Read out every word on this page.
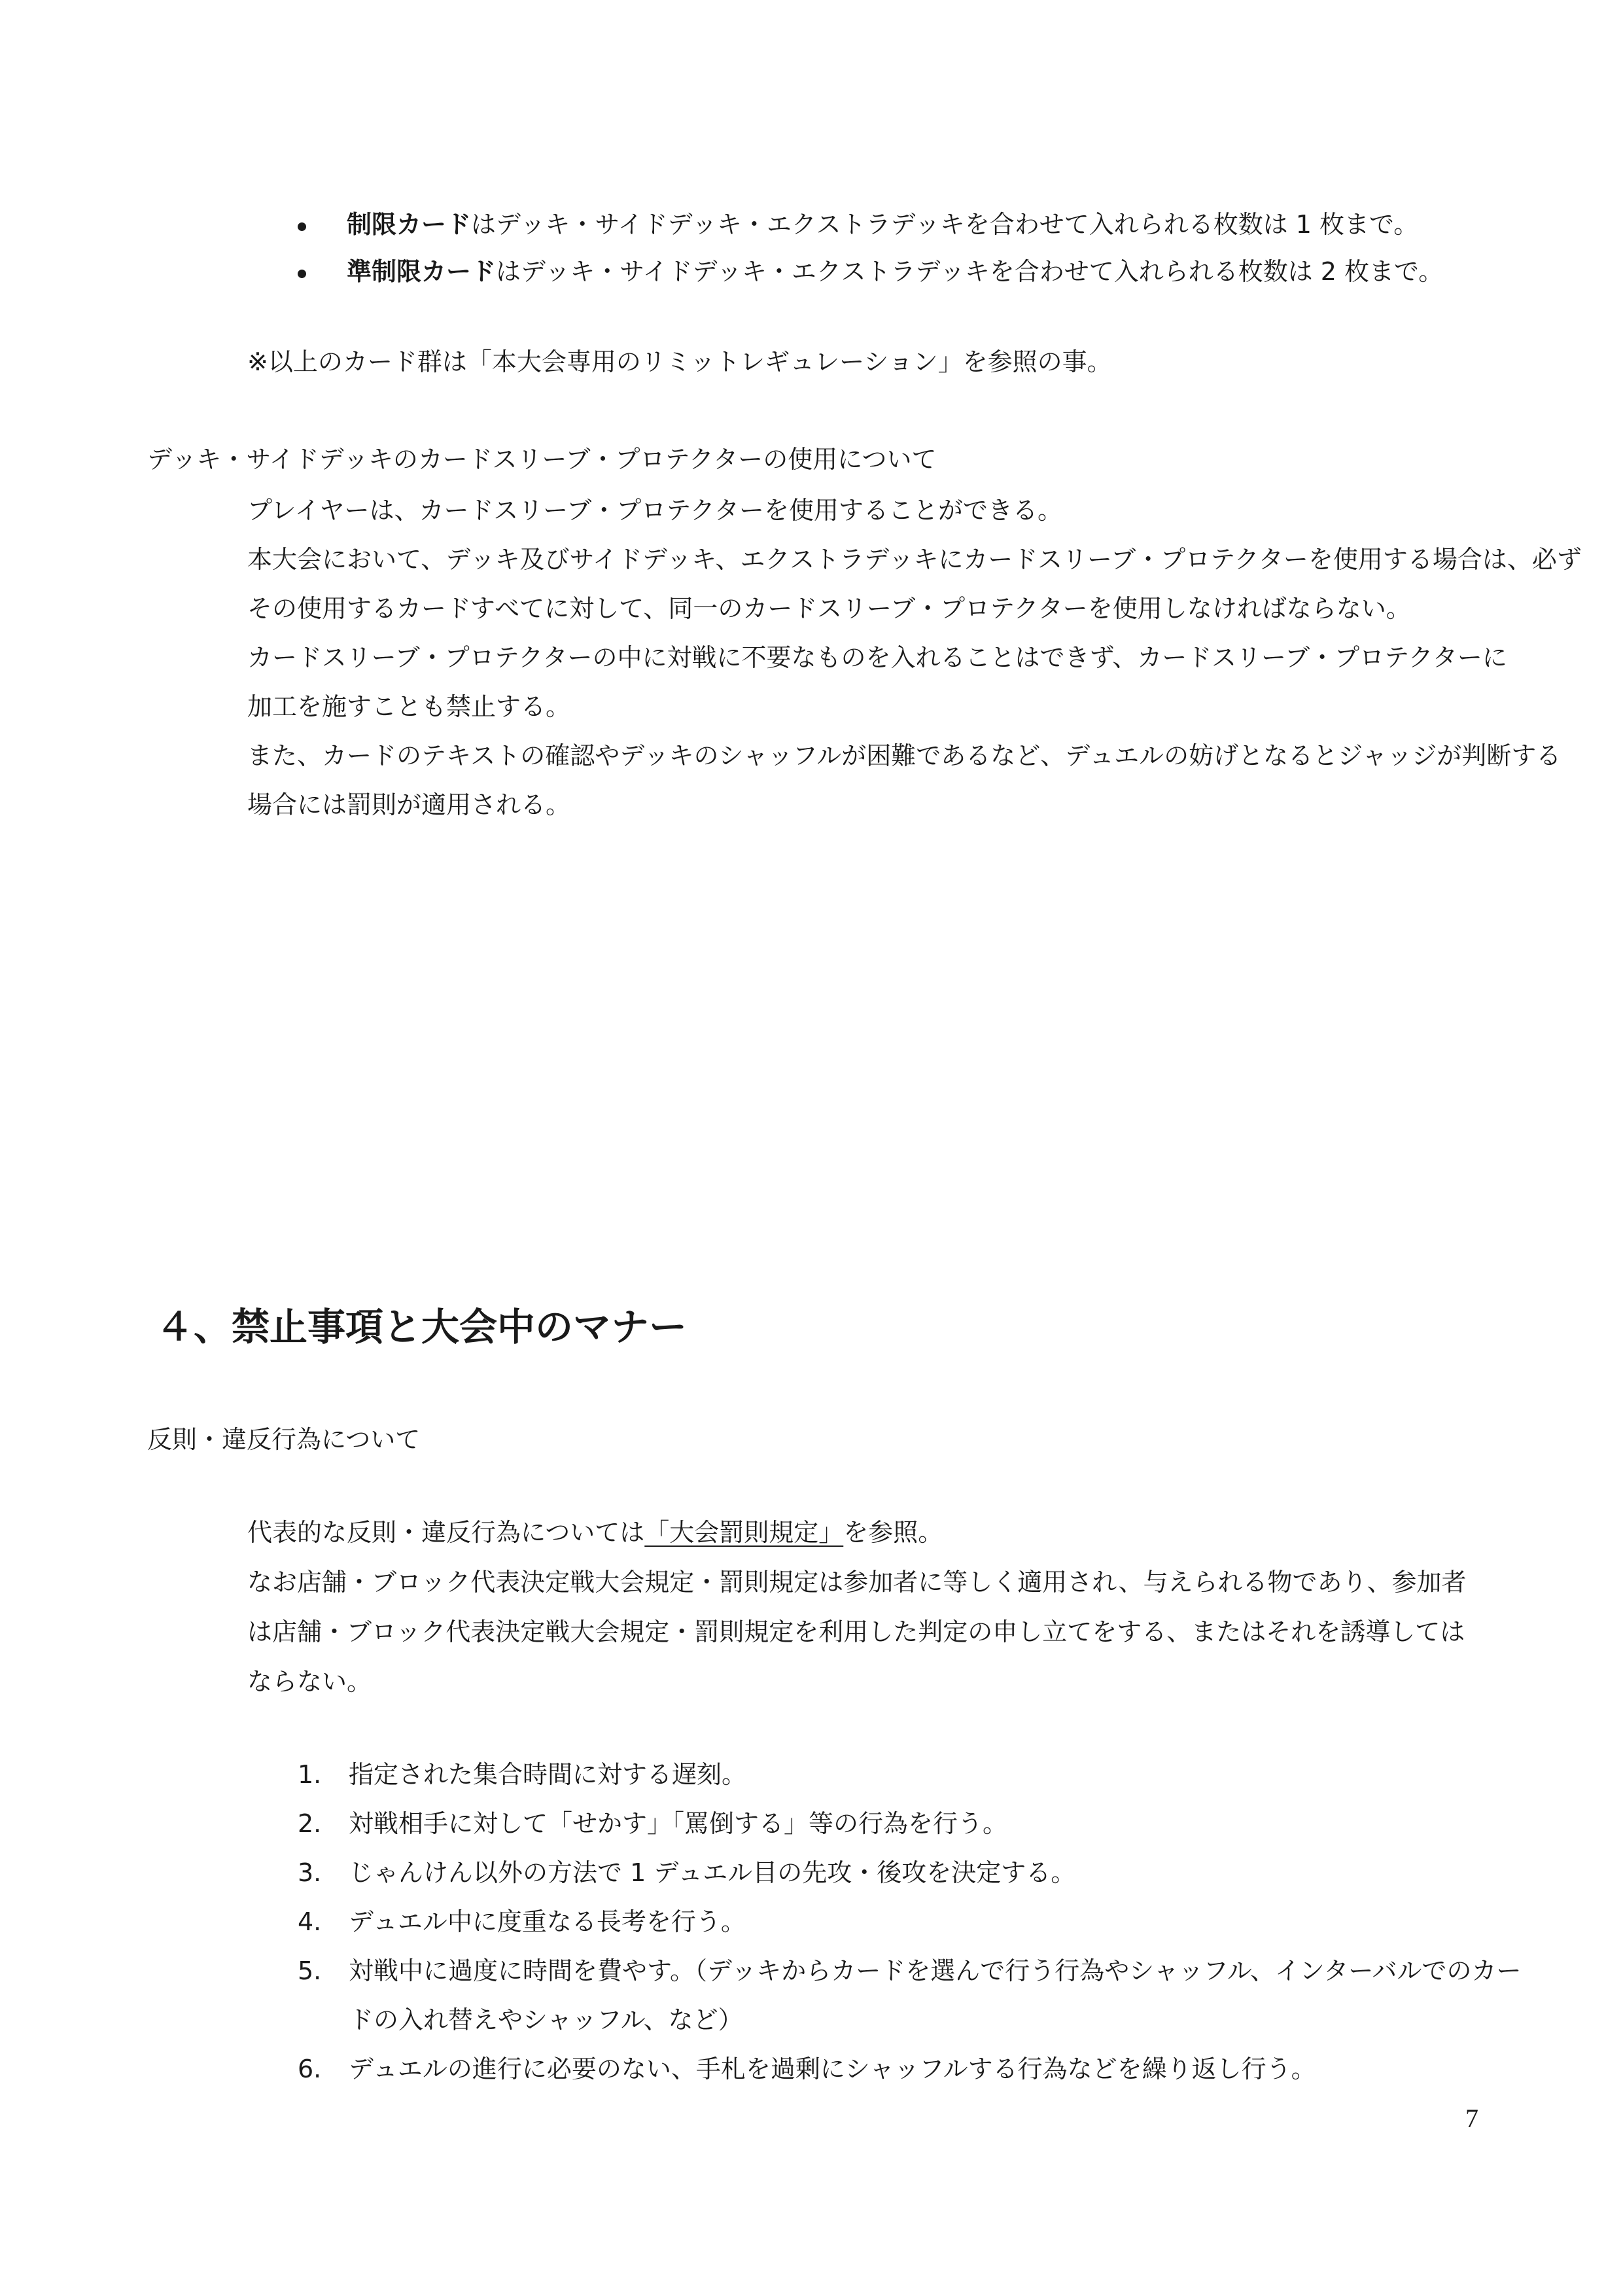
制限カードはデッキ・サイドデッキ・エクストラデッキを合わせて入れられる枚数は 1 枚まで。
準制限カードはデッキ・サイドデッキ・エクストラデッキを合わせて入れられる枚数は 2 枚まで。
※以上のカード群は「本大会専用のリミットレギュレーション」を参照の事。
デッキ・サイドデッキのカードスリーブ・プロテクターの使用について
プレイヤーは、カードスリーブ・プロテクターを使用することができる。
本大会において、デッキ及びサイドデッキ、エクストラデッキにカードスリーブ・プロテクターを使用する場合は、必ず
その使用するカードすべてに対して、同一のカードスリーブ・プロテクターを使用しなければならない。
カードスリーブ・プロテクターの中に対戦に不要なものを入れることはできず、カードスリーブ・プロテクターに
加工を施すことも禁止する。
また、カードのテキストの確認やデッキのシャッフルが困難であるなど、デュエルの妨げとなるとジャッジが判断する
場合には罰則が適用される。
４、禁止事項と大会中のマナー
反則・違反行為について
代表的な反則・違反行為については「大会罰則規定」を参照。
なお店舗・ブロック代表決定戦大会規定・罰則規定は参加者に等しく適用され、与えられる物であり、参加者
は店舗・ブロック代表決定戦大会規定・罰則規定を利用した判定の申し立てをする、またはそれを誘導しては
ならない。
1. 指定された集合時間に対する遅刻。
2. 対戦相手に対して「せかす」「罵倒する」等の行為を行う。
3. じゃんけん以外の方法で 1 デュエル目の先攻・後攻を決定する。
4. デュエル中に度重なる長考を行う。
5. 対戦中に過度に時間を費やす。（デッキからカードを選んで行う行為やシャッフル、インターバルでのカー
ドの入れ替えやシャッフル、など）
6. デュエルの進行に必要のない、手札を過剰にシャッフルする行為などを繰り返し行う。
7
